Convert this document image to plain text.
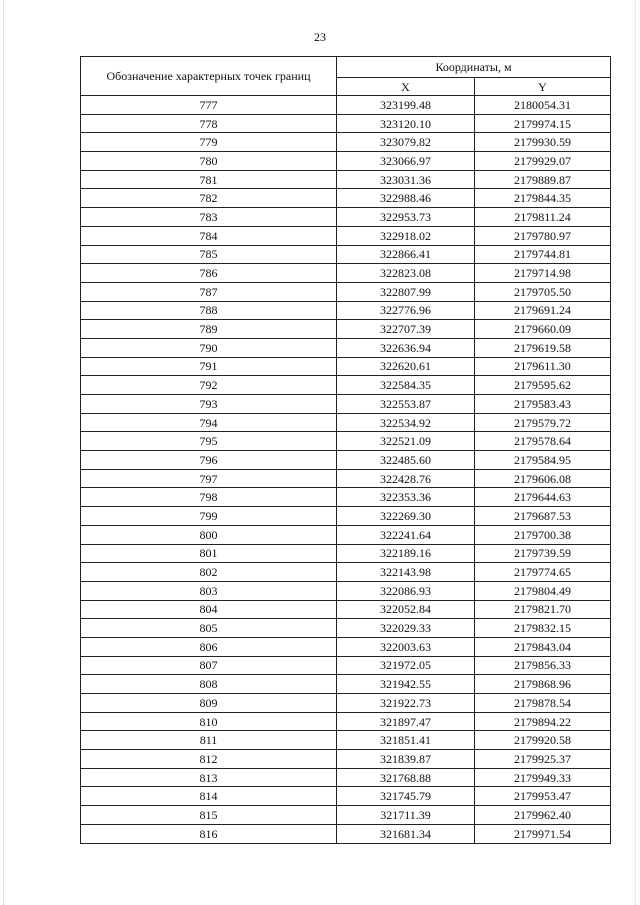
23
Обозначение характерных точек границ	Координаты, м	
	X	Y
777	323199.48	2180054.31
778	323120.10	2179974.15
779	323079.82	2179930.59
780	323066.97	2179929.07
781	323031.36	2179889.87
782	322988.46	2179844.35
783	322953.73	2179811.24
784	322918.02	2179780.97
785	322866.41	2179744.81
786	322823.08	2179714.98
787	322807.99	2179705.50
788	322776.96	2179691.24
789	322707.39	2179660.09
790	322636.94	2179619.58
791	322620.61	2179611.30
792	322584.35	2179595.62
793	322553.87	2179583.43
794	322534.92	2179579.72
795	322521.09	2179578.64
796	322485.60	2179584.95
797	322428.76	2179606.08
798	322353.36	2179644.63
799	322269.30	2179687.53
800	322241.64	2179700.38
801	322189.16	2179739.59
802	322143.98	2179774.65
803	322086.93	2179804.49
804	322052.84	2179821.70
805	322029.33	2179832.15
806	322003.63	2179843.04
807	321972.05	2179856.33
808	321942.55	2179868.96
809	321922.73	2179878.54
810	321897.47	2179894.22
811	321851.41	2179920.58
812	321839.87	2179925.37
813	321768.88	2179949.33
814	321745.79	2179953.47
815	321711.39	2179962.40
816	321681.34	2179971.54
